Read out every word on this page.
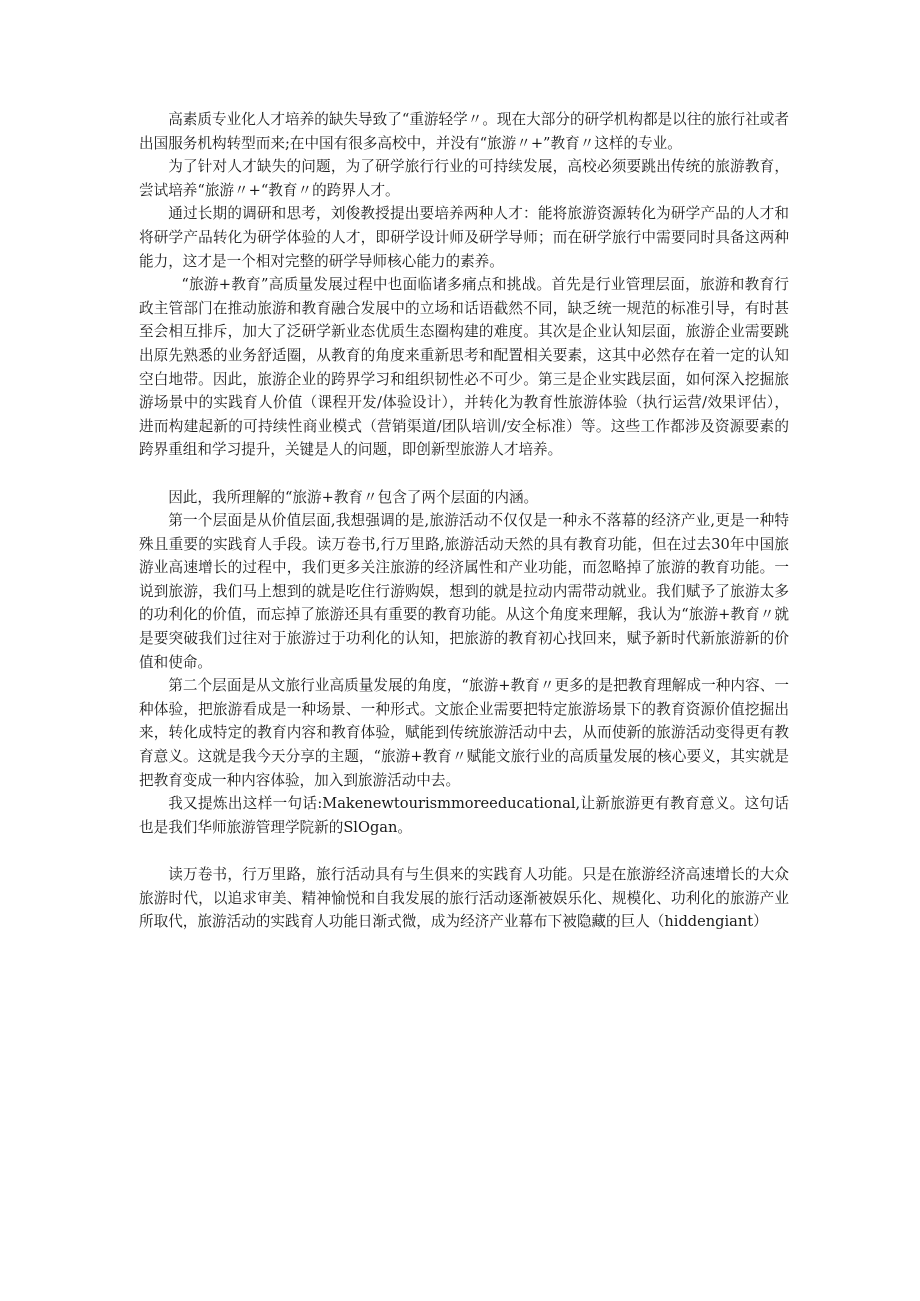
高素质专业化人才培养的缺失导致了“重游轻学〃。现在大部分的研学机构都是以往的旅行社或者出国服务机构转型而来;在中国有很多高校中，并没有“旅游〃+”教育〃这样的专业。

为了针对人才缺失的问题，为了研学旅行行业的可持续发展，高校必须要跳出传统的旅游教育，尝试培养“旅游〃+“教育〃的跨界人才。

通过长期的调研和思考，刘俊教授提出要培养两种人才：能将旅游资源转化为研学产品的人才和将研学产品转化为研学体验的人才，即研学设计师及研学导师；而在研学旅行中需要同时具备这两种能力，这才是一个相对完整的研学导师核心能力的素养。

“旅游+教育”高质量发展过程中也面临诸多痛点和挑战。首先是行业管理层面，旅游和教育行政主管部门在推动旅游和教育融合发展中的立场和话语截然不同，缺乏统一规范的标准引导，有时甚至会相互排斥，加大了泛研学新业态优质生态圈构建的难度。其次是企业认知层面，旅游企业需要跳出原先熟悉的业务舒适圈，从教育的角度来重新思考和配置相关要素，这其中必然存在着一定的认知空白地带。因此，旅游企业的跨界学习和组织韧性必不可少。第三是企业实践层面，如何深入挖掘旅游场景中的实践育人价值（课程开发/体验设计），并转化为教育性旅游体验（执行运营/效果评估），进而构建起新的可持续性商业模式（营销渠道/团队培训/安全标准）等。这些工作都涉及资源要素的跨界重组和学习提升，关键是人的问题，即创新型旅游人才培养。

因此，我所理解的“旅游+教育〃包含了两个层面的内涵。

第一个层面是从价值层面,我想强调的是,旅游活动不仅仅是一种永不落幕的经济产业,更是一种特殊且重要的实践育人手段。读万卷书,行万里路,旅游活动天然的具有教育功能，但在过去30年中国旅游业高速增长的过程中，我们更多关注旅游的经济属性和产业功能，而忽略掉了旅游的教育功能。一说到旅游，我们马上想到的就是吃住行游购娱，想到的就是拉动内需带动就业。我们赋予了旅游太多的功利化的价值，而忘掉了旅游还具有重要的教育功能。从这个角度来理解，我认为“旅游+教育〃就是要突破我们过往对于旅游过于功利化的认知，把旅游的教育初心找回来，赋予新时代新旅游新的价值和使命。

第二个层面是从文旅行业高质量发展的角度，“旅游+教育〃更多的是把教育理解成一种内容、一种体验，把旅游看成是一种场景、一种形式。文旅企业需要把特定旅游场景下的教育资源价值挖掘出来，转化成特定的教育内容和教育体验，赋能到传统旅游活动中去，从而使新的旅游活动变得更有教育意义。这就是我今天分享的主题，“旅游+教育〃赋能文旅行业的高质量发展的核心要义，其实就是把教育变成一种内容体验，加入到旅游活动中去。

我又提炼出这样一句话:Makenewtourismmoreeducational,让新旅游更有教育意义。这句话也是我们华师旅游管理学院新的SlOgan。

读万卷书，行万里路，旅行活动具有与生俱来的实践育人功能。只是在旅游经济高速增长的大众旅游时代，以追求审美、精神愉悦和自我发展的旅行活动逐渐被娱乐化、规模化、功利化的旅游产业所取代，旅游活动的实践育人功能日渐式微，成为经济产业幕布下被隐藏的巨人（hiddengiant）
